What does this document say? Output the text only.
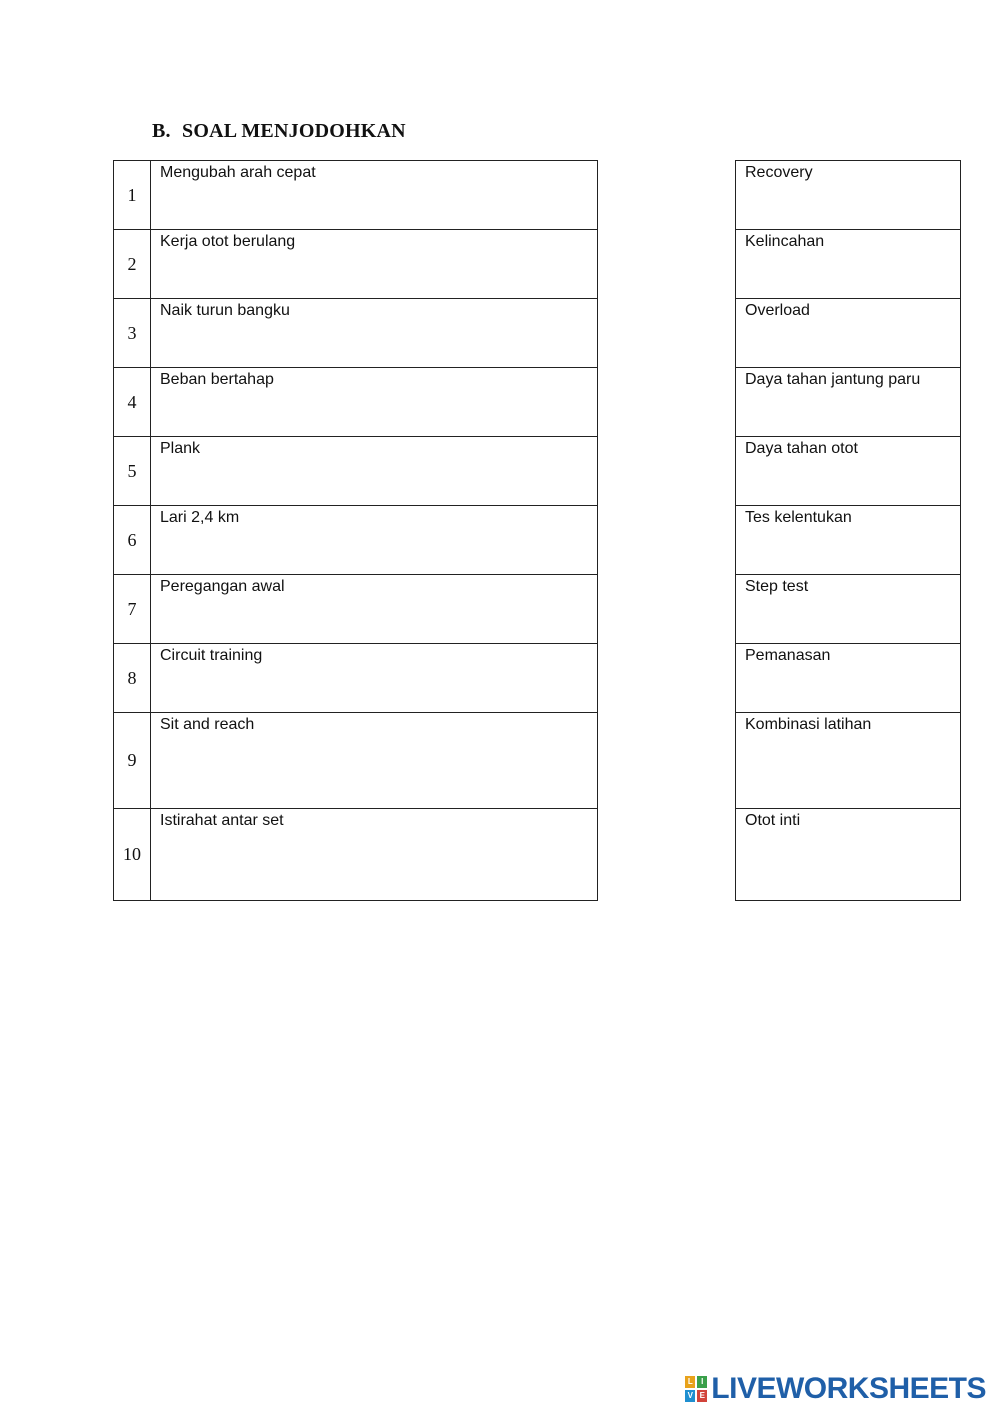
B. SOAL MENJODOHKAN
1	Mengubah arah cepat
2	Kerja otot berulang
3	Naik turun bangku
4	Beban bertahap
5	Plank
6	Lari 2,4 km
7	Peregangan awal
8	Circuit training
9	Sit and reach
10	Istirahat antar set
Recovery
Kelincahan
Overload
Daya tahan jantung paru
Daya tahan otot
Tes kelentukan
Step test
Pemanasan
Kombinasi latihan
Otot inti
L	I
V E LIVEWORKSHEETS
